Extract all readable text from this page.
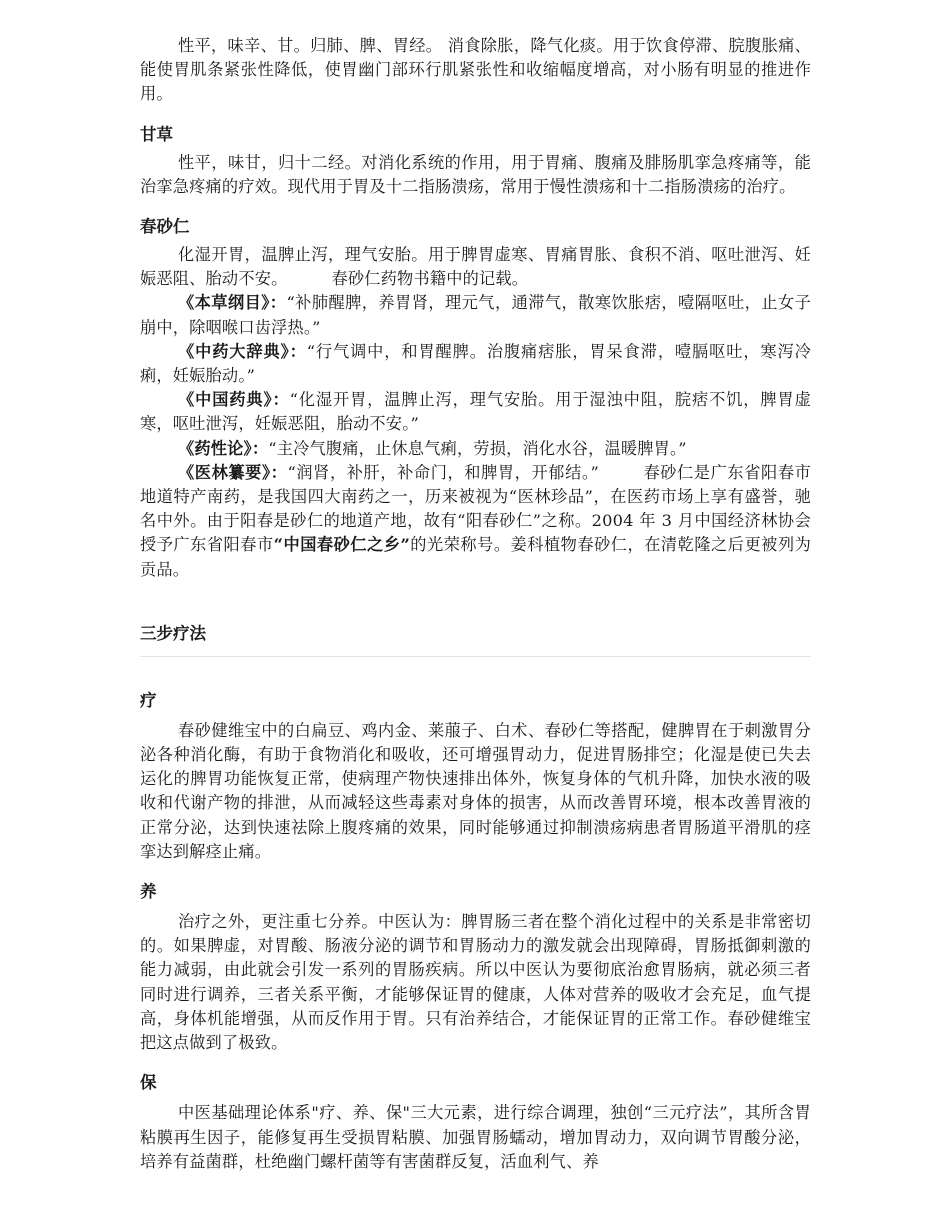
性平，味辛、甘。归肺、脾、胃经。 消食除胀，降气化痰。用于饮食停滞、脘腹胀痛、能使胃肌条紧张性降低，使胃幽门部环行肌紧张性和收缩幅度增高，对小肠有明显的推进作用。

甘草

性平，味甘，归十二经。对消化系统的作用，用于胃痛、腹痛及腓肠肌挛急疼痛等，能治挛急疼痛的疗效。现代用于胃及十二指肠溃疡，常用于慢性溃疡和十二指肠溃疡的治疗。

春砂仁

化湿开胃，温脾止泻，理气安胎。用于脾胃虚寒、胃痛胃胀、食积不消、呕吐泄泻、妊娠恶阻、胎动不安。	春砂仁药物书籍中的记载。

《本草纲目》：“补肺醒脾，养胃肾，理元气，通滞气，散寒饮胀痞，噎隔呕吐，止女子崩中，除咽喉口齿浮热。”

《中药大辞典》：“行气调中，和胃醒脾。治腹痛痞胀，胃呆食滞，噎膈呕吐，寒泻冷痢，妊娠胎动。”

《中国药典》：“化湿开胃，温脾止泻，理气安胎。用于湿浊中阻，脘痞不饥，脾胃虚寒，呕吐泄泻，妊娠恶阻，胎动不安。”

《药性论》：“主冷气腹痛，止休息气痢，劳损，消化水谷，温暖脾胃。”

《医林纂要》：“润肾，补肝，补命门，和脾胃，开郁结。”	春砂仁是广东省阳春市地道特产南药，是我国四大南药之一，历来被视为“医林珍品”，在医药市场上享有盛誉，驰名中外。由于阳春是砂仁的地道产地，故有“阳春砂仁”之称。2004 年 3 月中国经济林协会授予广东省阳春市“中国春砂仁之乡”的光荣称号。姜科植物春砂仁，在清乾隆之后更被列为贡品。

三步疗法
疗

春砂健维宝中的白扁豆、鸡内金、莱菔子、白术、春砂仁等搭配，健脾胃在于刺激胃分泌各种消化酶，有助于食物消化和吸收，还可增强胃动力，促进胃肠排空；化湿是使已失去运化的脾胃功能恢复正常，使病理产物快速排出体外，恢复身体的气机升降，加快水液的吸收和代谢产物的排泄，从而减轻这些毒素对身体的损害，从而改善胃环境，根本改善胃液的正常分泌，达到快速祛除上腹疼痛的效果，同时能够通过抑制溃疡病患者胃肠道平滑肌的痉挛达到解痉止痛。

养

治疗之外，更注重七分养。中医认为：脾胃肠三者在整个消化过程中的关系是非常密切的。如果脾虚，对胃酸、肠液分泌的调节和胃肠动力的激发就会出现障碍，胃肠抵御刺激的能力减弱，由此就会引发一系列的胃肠疾病。所以中医认为要彻底治愈胃肠病，就必须三者同时进行调养，三者关系平衡，才能够保证胃的健康，人体对营养的吸收才会充足，血气提高，身体机能增强，从而反作用于胃。只有治养结合，才能保证胃的正常工作。春砂健维宝把这点做到了极致。

保

中医基础理论体系"疗、养、保"三大元素，进行综合调理，独创“三元疗法”，其所含胃粘膜再生因子，能修复再生受损胃粘膜、加强胃肠蠕动，增加胃动力，双向调节胃酸分泌，培养有益菌群，杜绝幽门螺杆菌等有害菌群反复，活血利气、养
